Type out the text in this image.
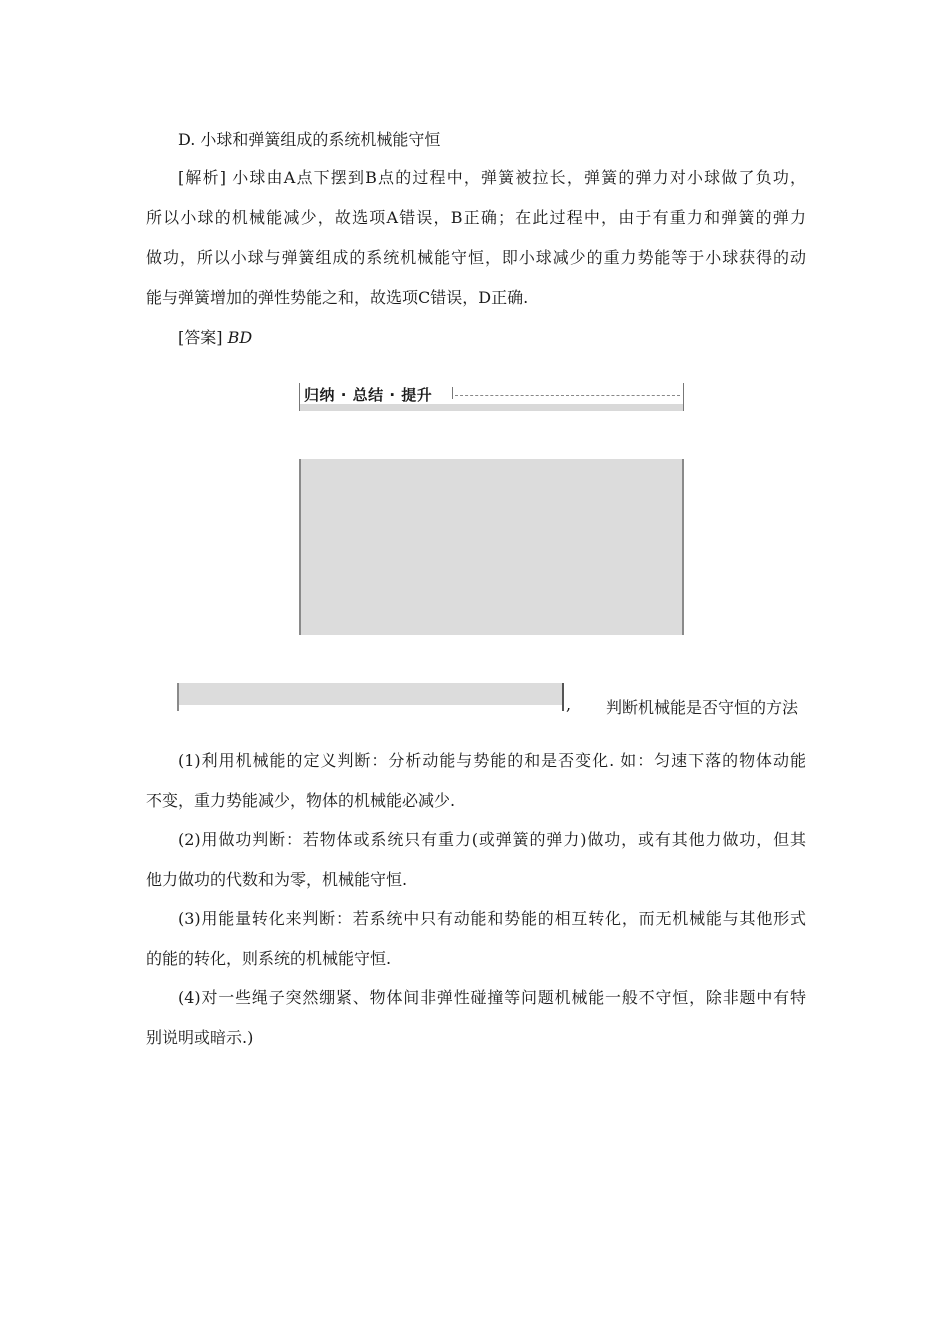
D. 小球和弹簧组成的系统机械能守恒
[解析] 小球由A点下摆到B点的过程中，弹簧被拉长，弹簧的弹力对小球做了负功，
所以小球的机械能减少，故选项A错误，B正确；在此过程中，由于有重力和弹簧的弹力
做功，所以小球与弹簧组成的系统机械能守恒，即小球减少的重力势能等于小球获得的动
能与弹簧增加的弹性势能之和，故选项C错误，D正确.
[答案] BD
归纳 · 总结 · 提升
, 判断机械能是否守恒的方法
(1)利用机械能的定义判断：分析动能与势能的和是否变化. 如：匀速下落的物体动能
不变，重力势能减少，物体的机械能必减少.
(2)用做功判断：若物体或系统只有重力(或弹簧的弹力)做功，或有其他力做功，但其
他力做功的代数和为零，机械能守恒.
(3)用能量转化来判断：若系统中只有动能和势能的相互转化，而无机械能与其他形式
的能的转化，则系统的机械能守恒.
(4)对一些绳子突然绷紧、物体间非弹性碰撞等问题机械能一般不守恒，除非题中有特
别说明或暗示.)
